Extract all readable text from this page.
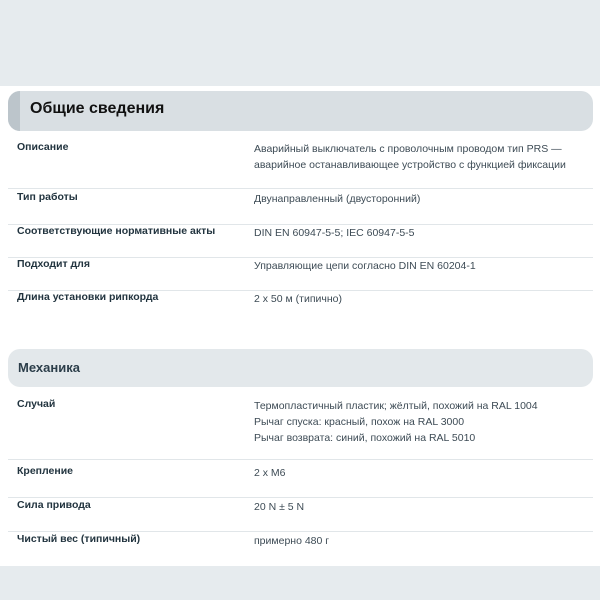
Общие сведения
Описание	Аварийный выключатель с проволочным проводом тип PRS —
аварийное останавливающее устройство с функцией фиксации
Тип работы	Двунаправленный (двусторонний)
Соответствующие нормативные акты	DIN EN 60947-5-5; IEC 60947-5-5
Подходит для	Управляющие цепи согласно DIN EN 60204-1
Длина установки рипкорда	2 x 50 м (типично)
Механика
Случай	Термопластичный пластик; жёлтый, похожий на RAL 1004
Рычаг спуска: красный, похож на RAL 3000
Рычаг возврата: синий, похожий на RAL 5010
Крепление	2 x M6
Сила привода	20 N ± 5 N
Чистый вес (типичный)	примерно 480 г
